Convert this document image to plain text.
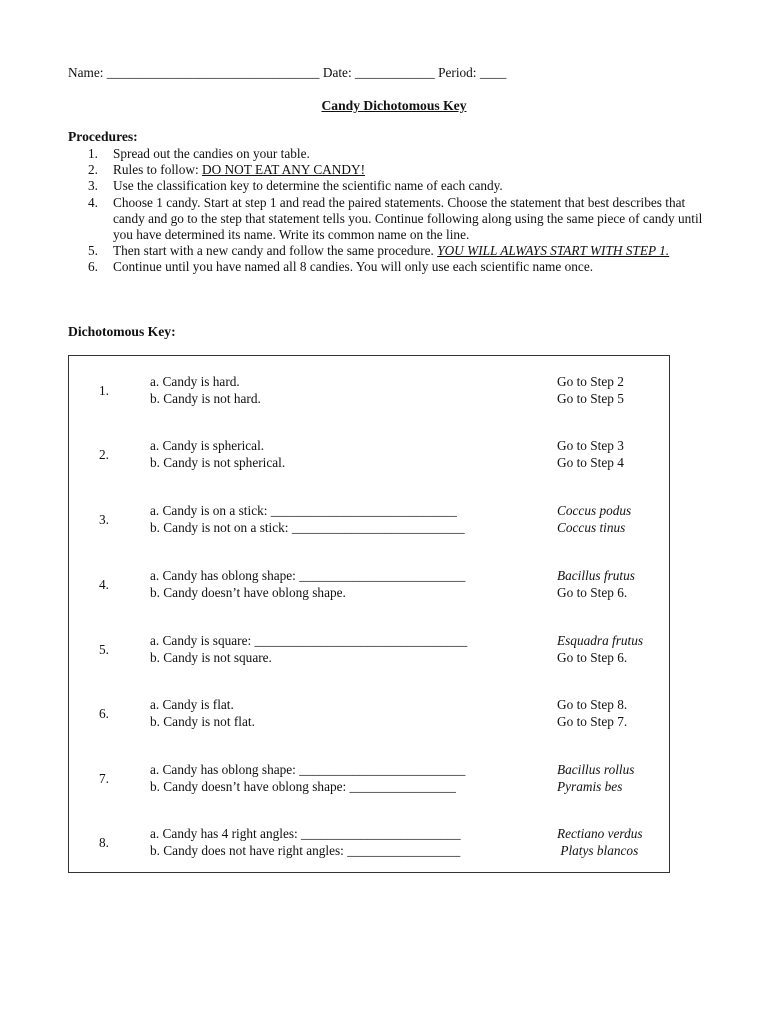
Name: ________________________________ Date: ____________ Period: ____
Candy Dichotomous Key
Procedures:
1. Spread out the candies on your table.
2. Rules to follow: DO NOT EAT ANY CANDY!
3. Use the classification key to determine the scientific name of each candy.
4. Choose 1 candy. Start at step 1 and read the paired statements. Choose the statement that best describes that candy and go to the step that statement tells you. Continue following along using the same piece of candy until you have determined its name. Write its common name on the line.
5. Then start with a new candy and follow the same procedure. YOU WILL ALWAYS START WITH STEP 1.
6. Continue until you have named all 8 candies. You will only use each scientific name once.
Dichotomous Key:
1.
a. Candy is hard.
b. Candy is not hard.
Go to Step 2
Go to Step 5
2.
a. Candy is spherical.
b. Candy is not spherical.
Go to Step 3
Go to Step 4
3.
a. Candy is on a stick: ____________________________
b. Candy is not on a stick: __________________________
Coccus podus
Coccus tinus
4.
a. Candy has oblong shape: _________________________
b. Candy doesn’t have oblong shape.
Bacillus frutus
Go to Step 6.
5.
a. Candy is square: ________________________________
b. Candy is not square.
Esquadra frutus
Go to Step 6.
6.
a. Candy is flat.
b. Candy is not flat.
Go to Step 8.
Go to Step 7.
7.
a. Candy has oblong shape: _________________________
b. Candy doesn’t have oblong shape: ________________
Bacillus rollus
Pyramis bes
8.
a. Candy has 4 right angles: ________________________
b. Candy does not have right angles: _________________
Rectiano verdus
Platys blancos
